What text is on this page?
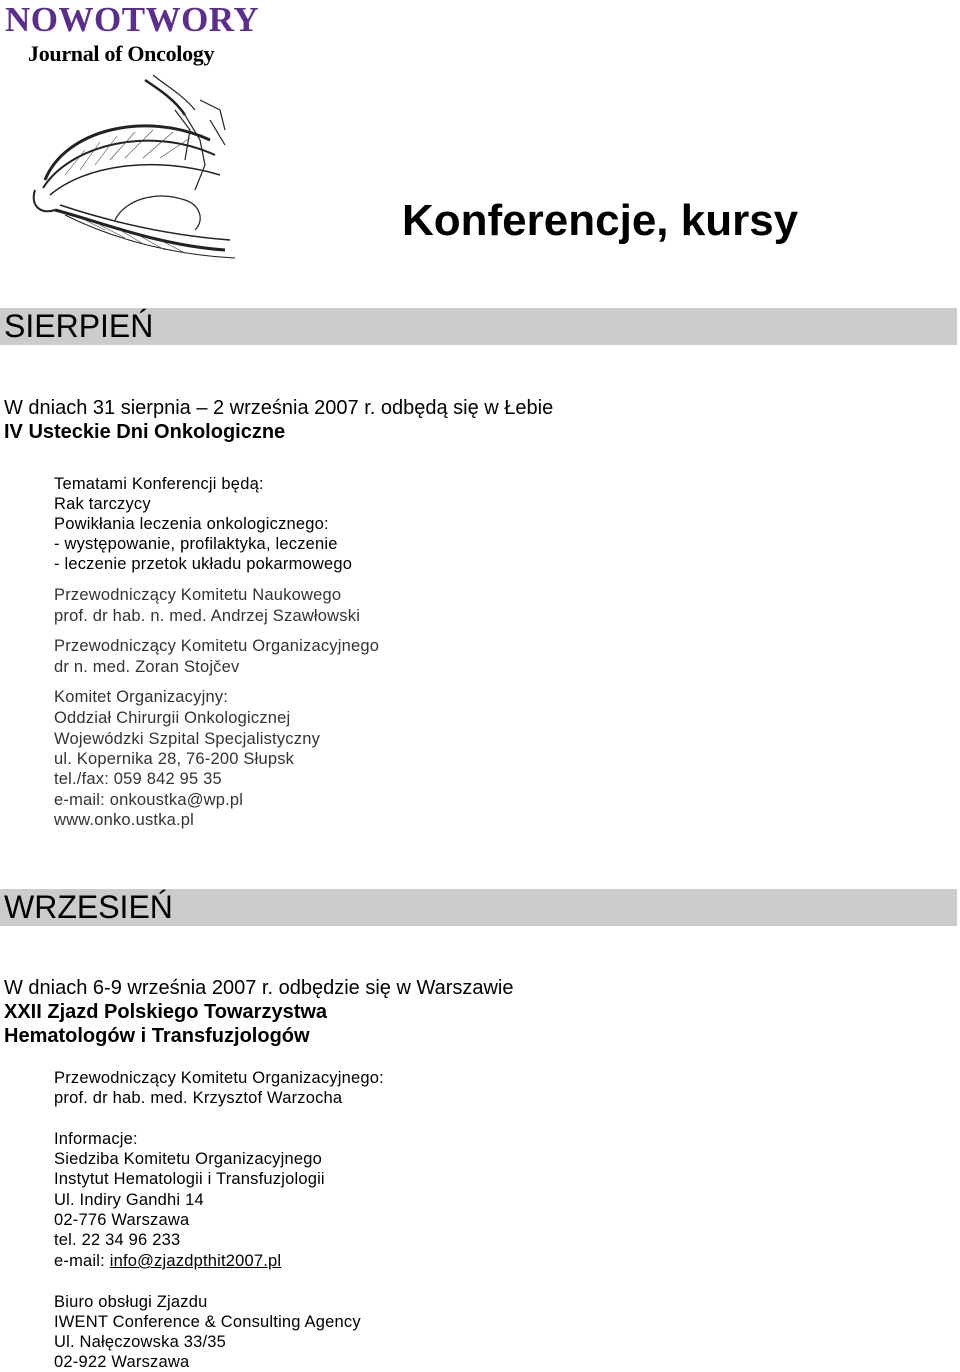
NOWOTWORY
Journal of Oncology
Konferencje, kursy
SIERPIEŃ
W dniach 31 sierpnia – 2 września 2007 r. odbędą się w Łebie
IV Usteckie Dni Onkologiczne
Tematami Konferencji będą:
Rak tarczycy
Powikłania leczenia onkologicznego:
- występowanie, profilaktyka, leczenie
- leczenie przetok układu pokarmowego
Przewodniczący Komitetu Naukowego
prof. dr hab. n. med. Andrzej Szawłowski
Przewodniczący Komitetu Organizacyjnego
dr n. med. Zoran Stojčev
Komitet Organizacyjny:
Oddział Chirurgii Onkologicznej
Wojewódzki Szpital Specjalistyczny
ul. Kopernika 28, 76-200 Słupsk
tel./fax: 059 842 95 35
e-mail: onkoustka@wp.pl
www.onko.ustka.pl
WRZESIEŃ
W dniach 6-9 września 2007 r. odbędzie się w Warszawie
XXII Zjazd Polskiego Towarzystwa
Hematologów i Transfuzjologów
Przewodniczący Komitetu Organizacyjnego:
prof. dr hab. med. Krzysztof Warzocha
Informacje:
Siedziba Komitetu Organizacyjnego
Instytut Hematologii i Transfuzjologii
Ul. Indiry Gandhi 14
02-776 Warszawa
tel. 22 34 96 233
e-mail: info@zjazdpthit2007.pl
Biuro obsługi Zjazdu
IWENT Conference & Consulting Agency
Ul. Nałęczowska 33/35
02-922 Warszawa
